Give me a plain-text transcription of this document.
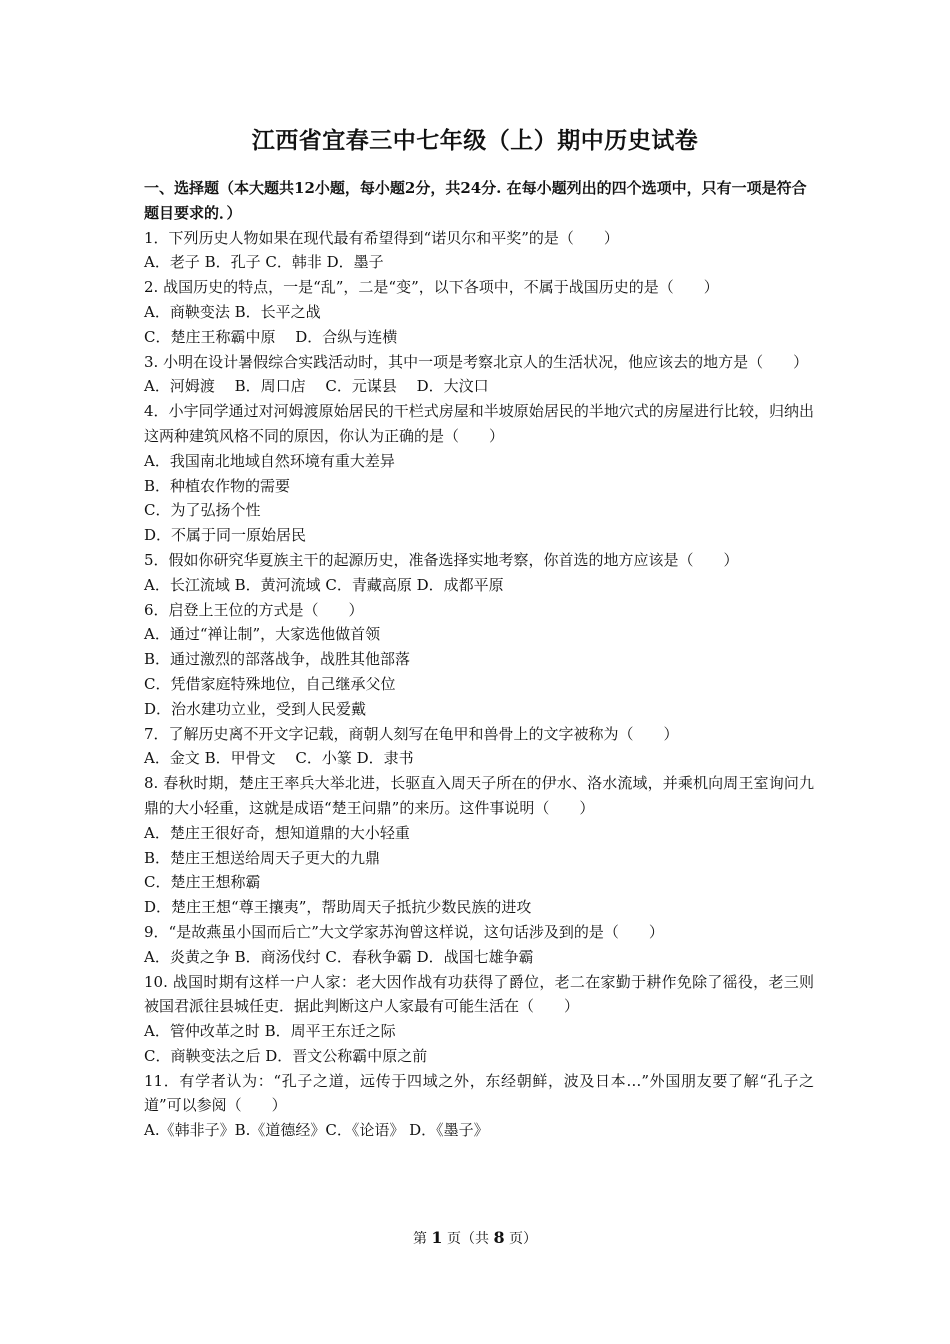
江西省宜春三中七年级（上）期中历史试卷
一、选择题（本大题共12小题，每小题2分，共24分. 在每小题列出的四个选项中，只有一项是符合题目要求的．）
1．下列历史人物如果在现代最有希望得到“诺贝尔和平奖”的是（　　）
A．老子 B．孔子 C．韩非 D．墨子
2. 战国历史的特点，一是“乱”，二是“变”，以下各项中，不属于战国历史的是（　　）
A．商鞅变法 B．长平之战
C．楚庄王称霸中原　 D．合纵与连横
3. 小明在设计暑假综合实践活动时，其中一项是考察北京人的生活状况，他应该去的地方是（　　）
A．河姆渡　 B．周口店　 C．元谋县　 D．大汶口
4．小宇同学通过对河姆渡原始居民的干栏式房屋和半坡原始居民的半地穴式的房屋进行比较，归纳出这两种建筑风格不同的原因，你认为正确的是（　　）
A．我国南北地域自然环境有重大差异
B．种植农作物的需要
C．为了弘扬个性
D．不属于同一原始居民
5．假如你研究华夏族主干的起源历史，准备选择实地考察，你首选的地方应该是（　　）
A．长江流域 B．黄河流域 C．青藏高原 D．成都平原
6．启登上王位的方式是（　　）
A．通过“禅让制”，大家选他做首领
B．通过激烈的部落战争，战胜其他部落
C．凭借家庭特殊地位，自己继承父位
D．治水建功立业，受到人民爱戴
7．了解历史离不开文字记载，商朝人刻写在龟甲和兽骨上的文字被称为（　　）
A．金文 B．甲骨文　 C．小篆 D．隶书
8. 春秋时期，楚庄王率兵大举北进，长驱直入周天子所在的伊水、洛水流域，并乘机向周王室询问九鼎的大小轻重，这就是成语“楚王问鼎”的来历。这件事说明（　　）
A．楚庄王很好奇，想知道鼎的大小轻重
B．楚庄王想送给周天子更大的九鼎
C．楚庄王想称霸
D．楚庄王想“尊王攘夷”，帮助周天子抵抗少数民族的进攻
9．“是故燕虽小国而后亡”大文学家苏洵曾这样说，这句话涉及到的是（　　）
A．炎黄之争 B．商汤伐纣 C．春秋争霸 D．战国七雄争霸
10. 战国时期有这样一户人家：老大因作战有功获得了爵位，老二在家勤于耕作免除了徭役，老三则被国君派往县城任吏．据此判断这户人家最有可能生活在（　　）
A．管仲改革之时 B．周平王东迁之际
C．商鞅变法之后 D．晋文公称霸中原之前
11．有学者认为：“孔子之道，远传于四域之外，东经朝鲜，波及日本…”外国朋友要了解“孔子之道”可以参阅（　　）
A.《韩非子》B.《道德经》C．《论语》 D．《墨子》
第 1 页（共 8 页）
